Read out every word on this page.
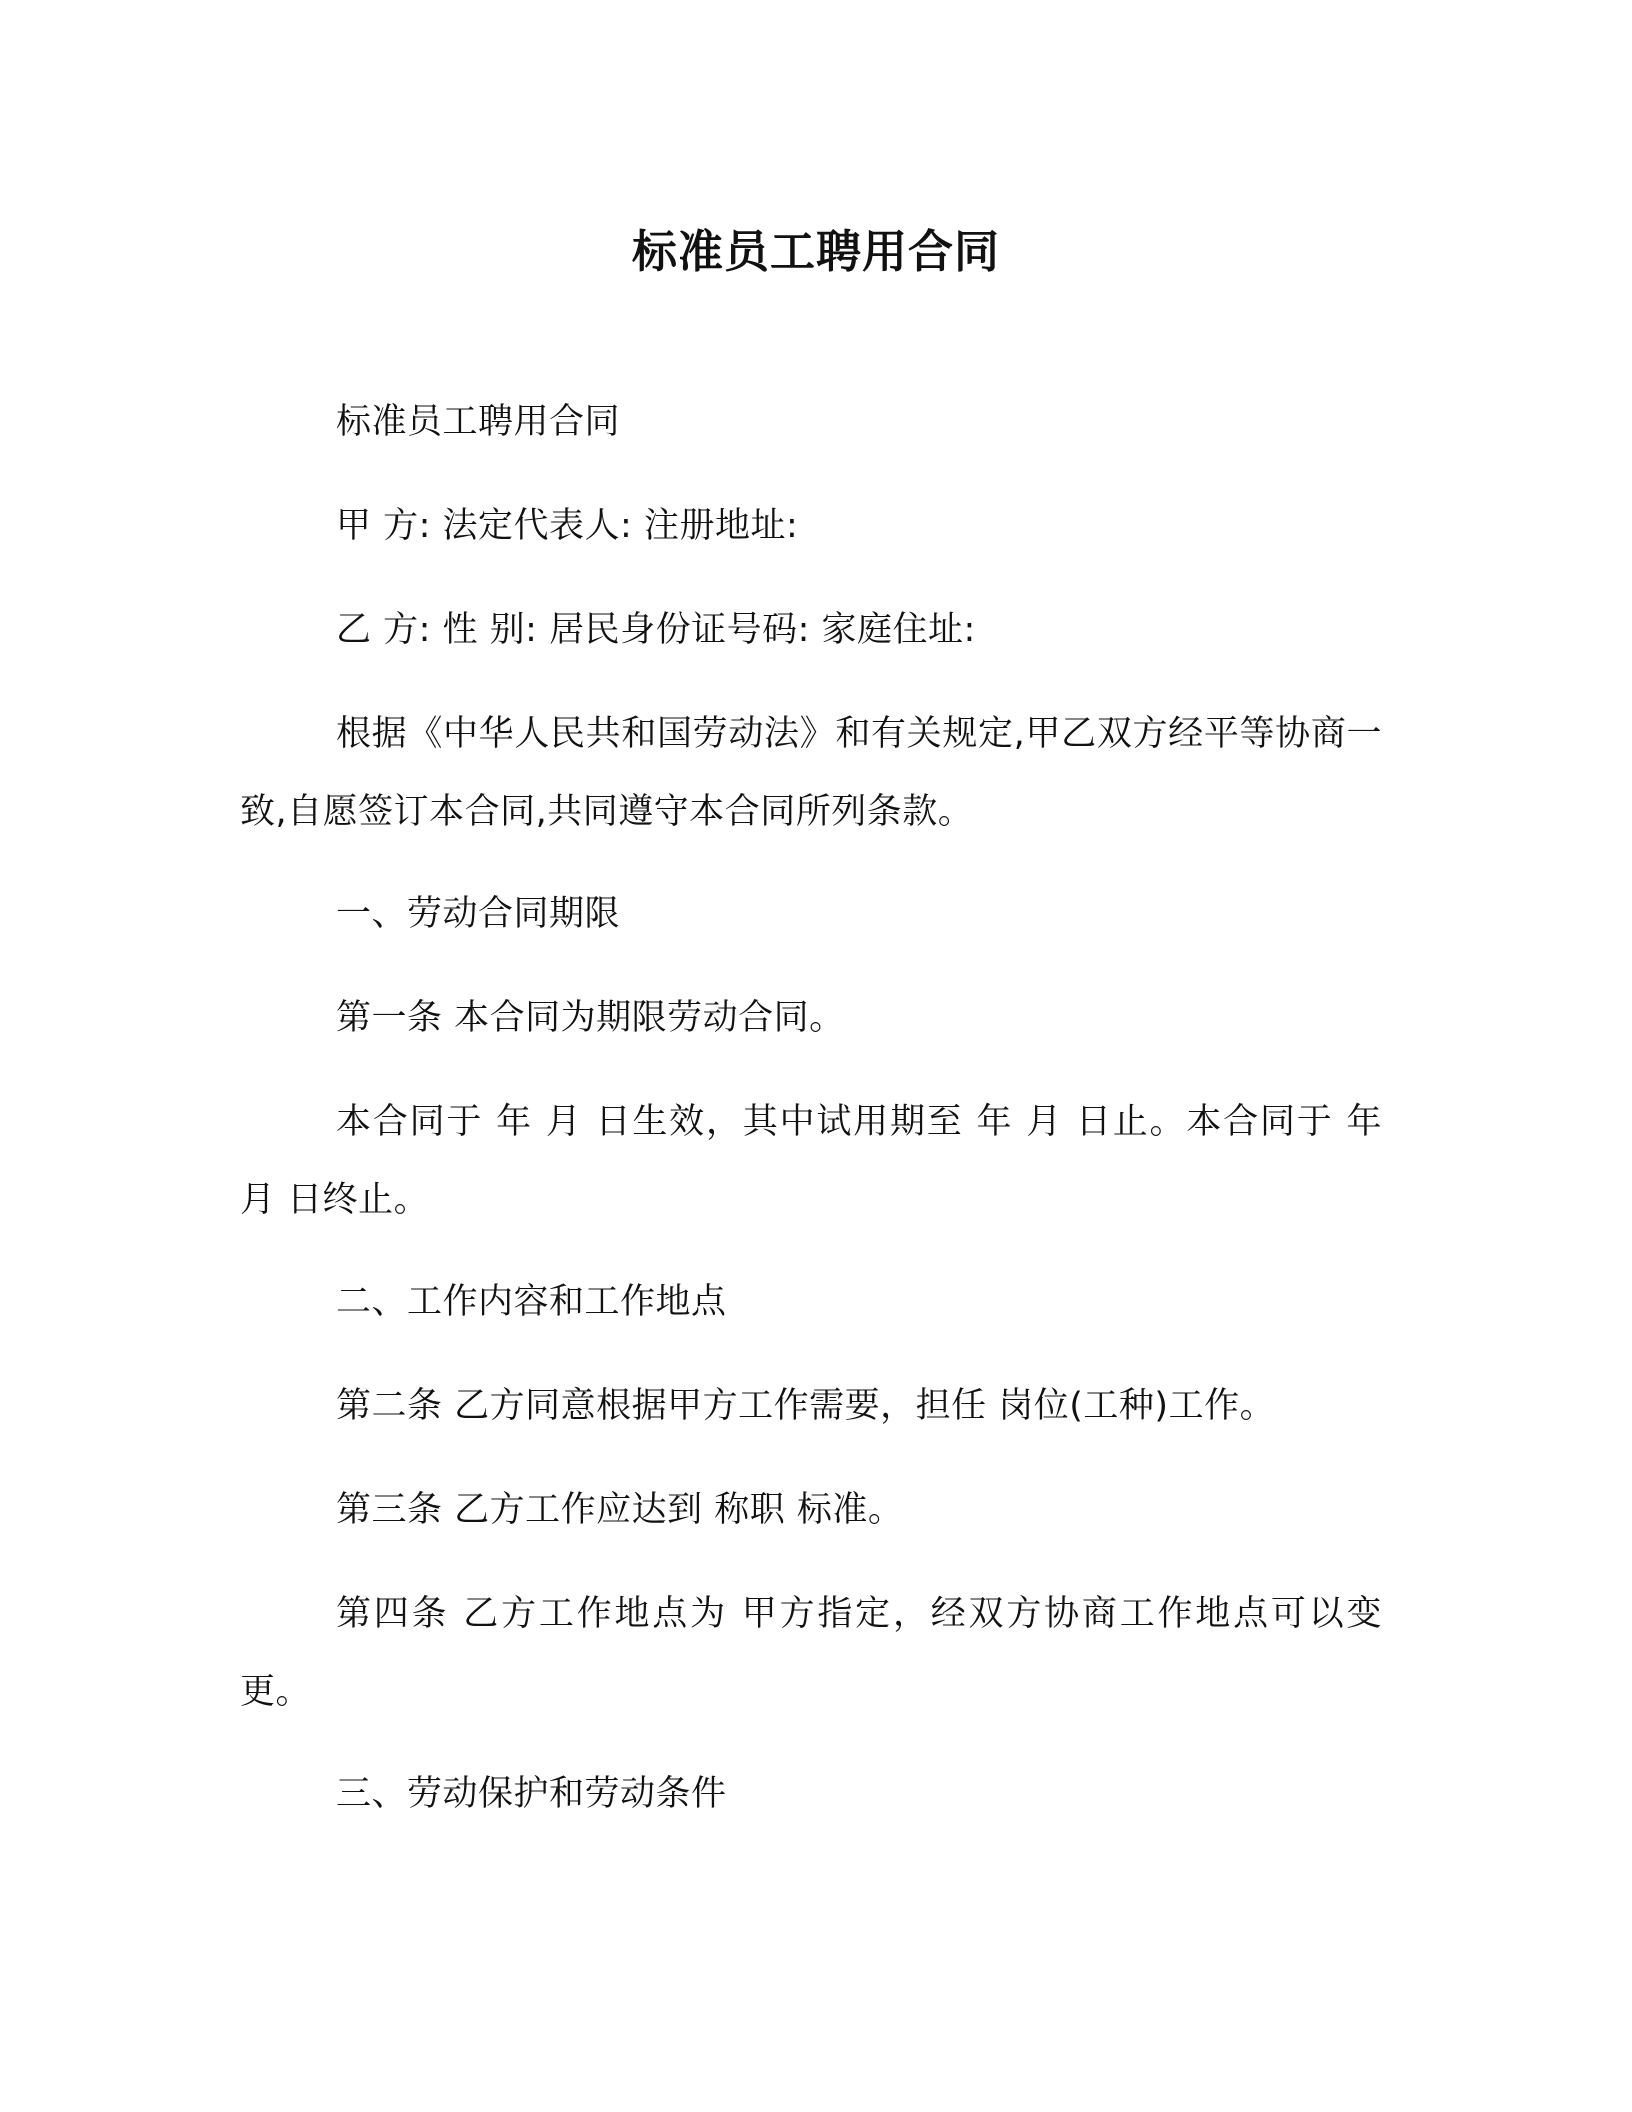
标准员工聘用合同

标准员工聘用合同

甲 方: 法定代表人: 注册地址:

乙 方: 性 别: 居民身份证号码: 家庭住址:

根据《中华人民共和国劳动法》和有关规定,甲乙双方经平等协商一致,自愿签订本合同,共同遵守本合同所列条款。

一、劳动合同期限

第一条 本合同为期限劳动合同。

本合同于 年 月 日生效，其中试用期至 年 月 日止。本合同于 年 月 日终止。

二、工作内容和工作地点

第二条 乙方同意根据甲方工作需要，担任 岗位(工种)工作。

第三条 乙方工作应达到 称职 标准。

第四条 乙方工作地点为 甲方指定，经双方协商工作地点可以变更。

三、劳动保护和劳动条件
